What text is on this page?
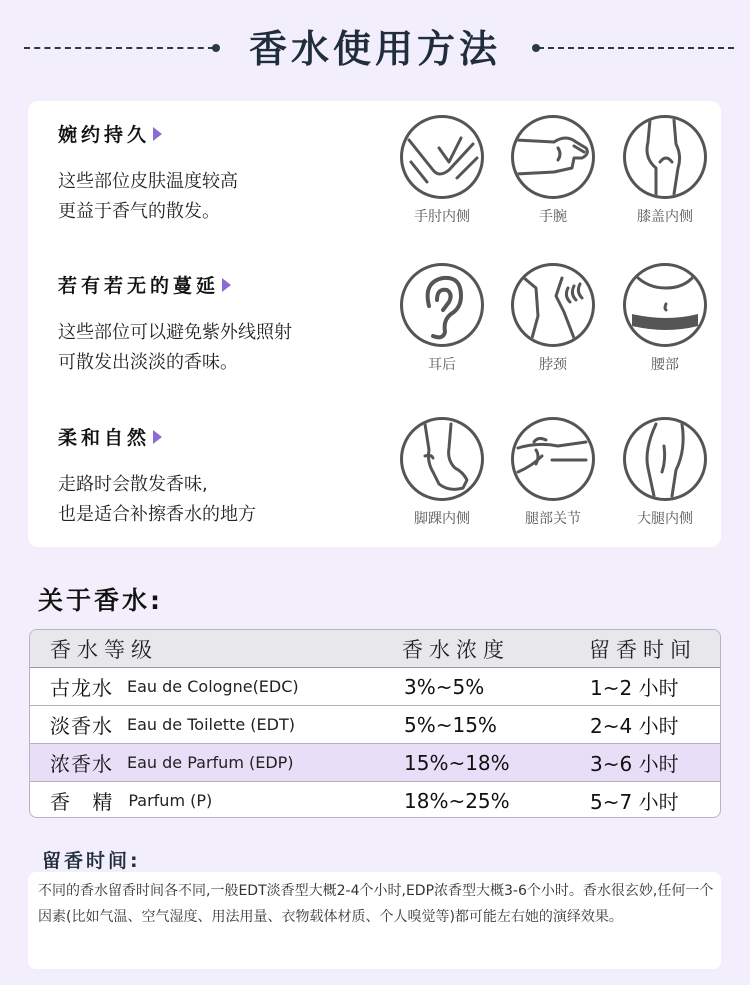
香水使用方法
婉约持久
这些部位皮肤温度较高
更益于香气的散发。	手肘内侧	手腕	膝盖内侧
若有若无的蔓延
这些部位可以避免紫外线照射
可散发出淡淡的香味。	耳后	脖颈	腰部
柔和自然
走路时会散发香味,
也是适合补擦香水的地方	脚踝内侧	腿部关节	大腿内侧
关于香水:
香水等级	香水浓度	留香时间
古龙水 Eau de Cologne(EDC)	3%~5%	1~2 小时
淡香水 Eau de Toilette (EDT)	5%~15%	2~4 小时
浓香水 Eau de Parfum (EDP)	15%~18%	3~6 小时
香 精 Parfum (P)	18%~25%	5~7 小时
留香时间:
不同的香水留香时间各不同,一般EDT淡香型大概2-4个小时,EDP浓香型大概3-6个小时。香水很玄妙,任何一个因素(比如气温、空气湿度、用法用量、衣物载体材质、个人嗅觉等)都可能左右她的演绎效果。
